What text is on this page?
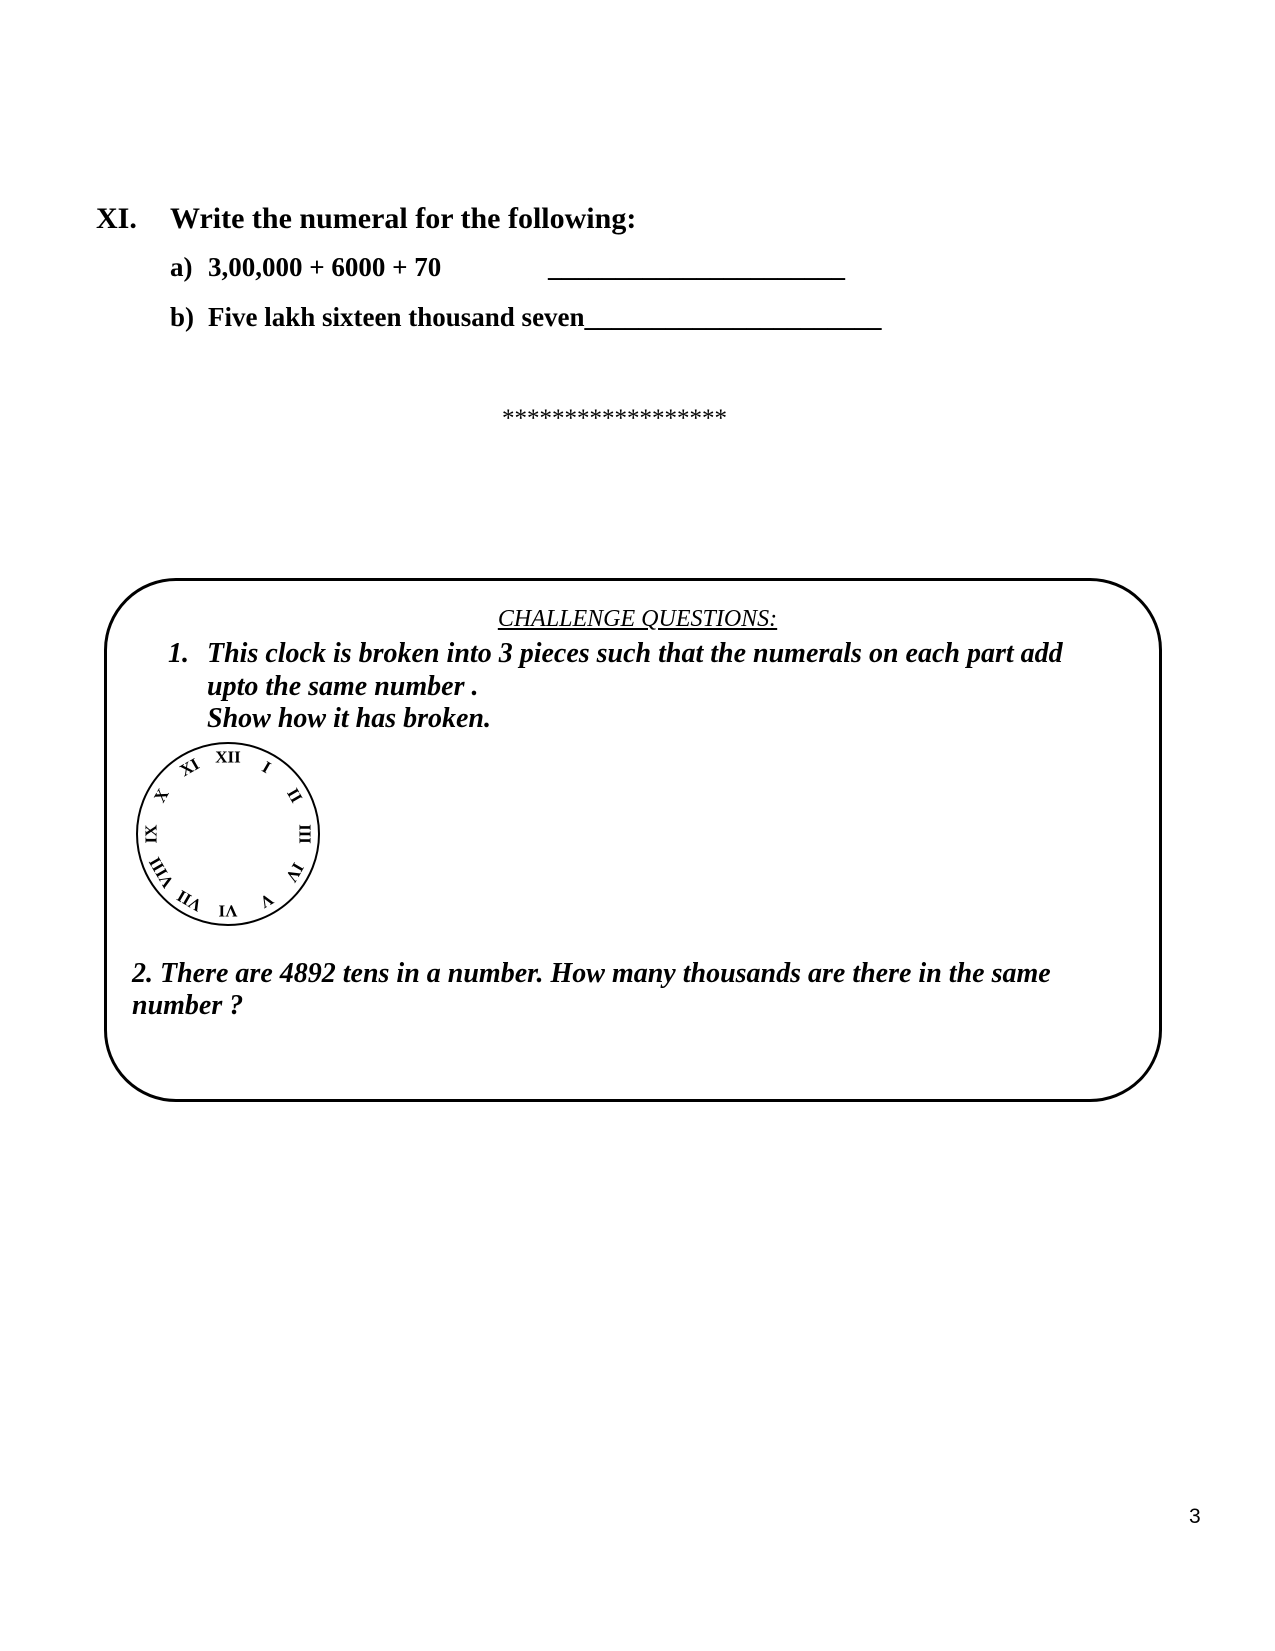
XI. Write the numeral for the following:
a) 3,00,000 + 6000 + 70	______________________
b) Five lakh sixteen thousand seven______________________
******************
CHALLENGE QUESTIONS:
1. This clock is broken into 3 pieces such that the numerals on each part add
upto the same number .
Show how it has broken.
XII
I
II
III
IV
V
VI
VII
VIII
IX
X
XI
2. There are 4892 tens in a number. How many thousands are there in the same
number ?
3
